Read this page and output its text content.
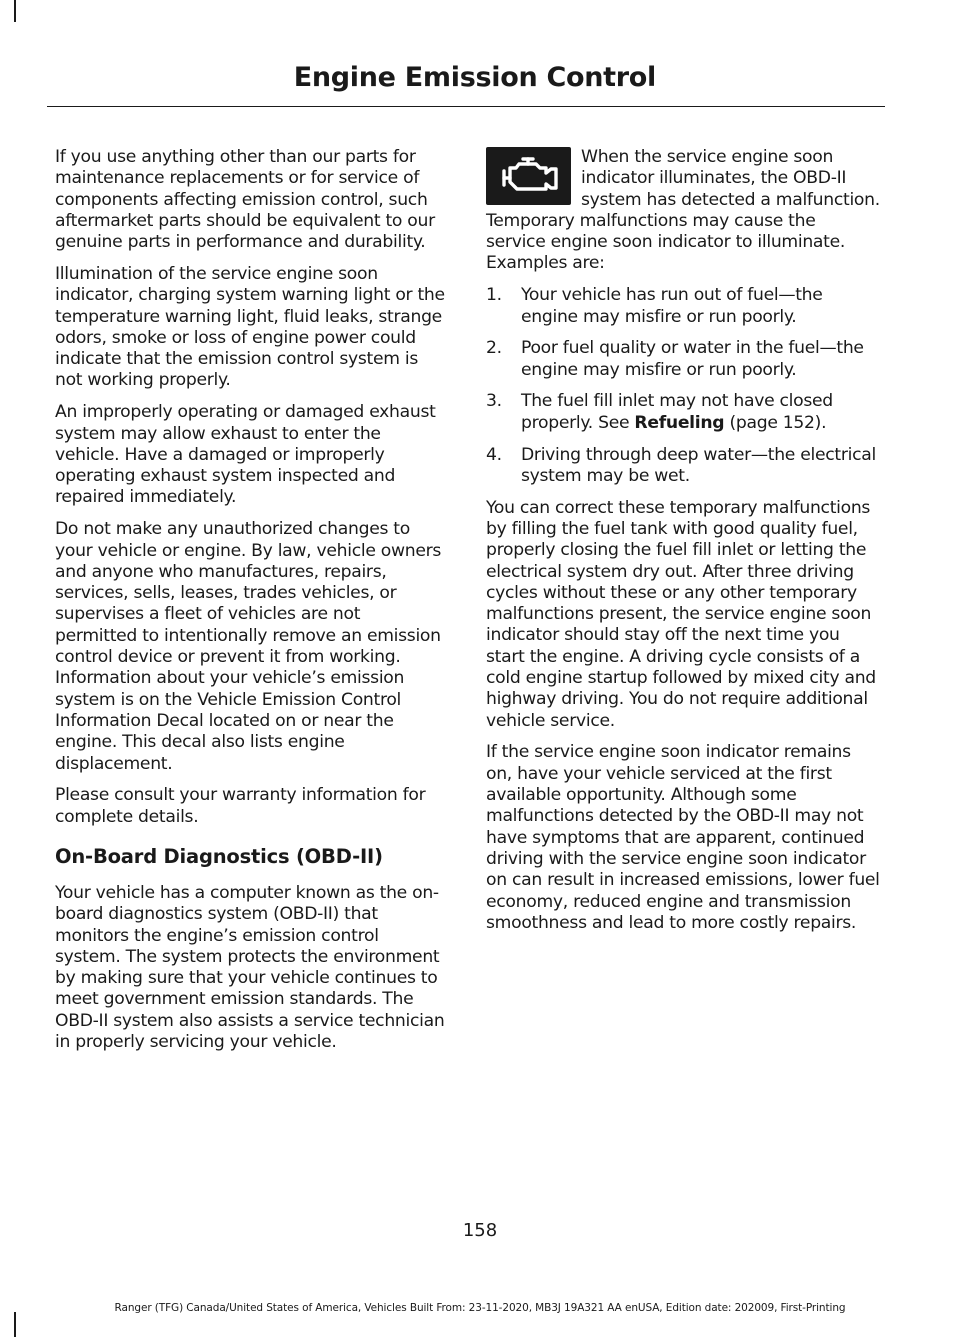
Engine Emission Control

If you use anything other than our parts for maintenance replacements or for service of components affecting emission control, such aftermarket parts should be equivalent to our genuine parts in performance and durability.

Illumination of the service engine soon indicator, charging system warning light or the temperature warning light, fluid leaks, strange odors, smoke or loss of engine power could indicate that the emission control system is not working properly.

An improperly operating or damaged exhaust system may allow exhaust to enter the vehicle. Have a damaged or improperly operating exhaust system inspected and repaired immediately.

Do not make any unauthorized changes to your vehicle or engine. By law, vehicle owners and anyone who manufactures, repairs, services, sells, leases, trades vehicles, or supervises a fleet of vehicles are not permitted to intentionally remove an emission control device or prevent it from working. Information about your vehicle’s emission system is on the Vehicle Emission Control Information Decal located on or near the engine. This decal also lists engine displacement.

Please consult your warranty information for complete details.

On-Board Diagnostics (OBD-II)

Your vehicle has a computer known as the on-board diagnostics system (OBD-II) that monitors the engine’s emission control system. The system protects the environment by making sure that your vehicle continues to meet government emission standards. The OBD-II system also assists a service technician in properly servicing your vehicle.

When the service engine soon indicator illuminates, the OBD-II system has detected a malfunction. Temporary malfunctions may cause the service engine soon indicator to illuminate. Examples are:

1. Your vehicle has run out of fuel—the engine may misfire or run poorly.
2. Poor fuel quality or water in the fuel—the engine may misfire or run poorly.
3. The fuel fill inlet may not have closed properly. See Refueling (page 152).
4. Driving through deep water—the electrical system may be wet.

You can correct these temporary malfunctions by filling the fuel tank with good quality fuel, properly closing the fuel fill inlet or letting the electrical system dry out. After three driving cycles without these or any other temporary malfunctions present, the service engine soon indicator should stay off the next time you start the engine. A driving cycle consists of a cold engine startup followed by mixed city and highway driving. You do not require additional vehicle service.

If the service engine soon indicator remains on, have your vehicle serviced at the first available opportunity. Although some malfunctions detected by the OBD-II may not have symptoms that are apparent, continued driving with the service engine soon indicator on can result in increased emissions, lower fuel economy, reduced engine and transmission smoothness and lead to more costly repairs.

158
Ranger (TFG) Canada/United States of America, Vehicles Built From: 23-11-2020, MB3J 19A321 AA enUSA, Edition date: 202009, First-Printing
